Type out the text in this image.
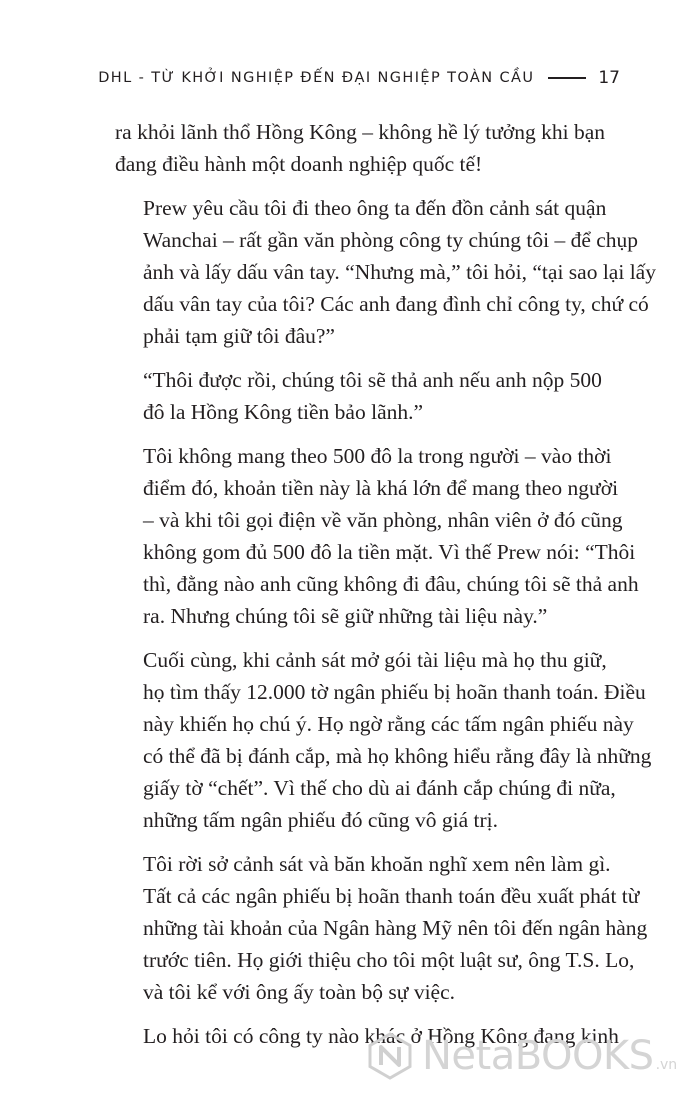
DHL - TỪ KHỞI NGHIỆP ĐẾN ĐẠI NGHIỆP TOÀN CẦU	17

ra khỏi lãnh thổ Hồng Kông – không hề lý tưởng khi bạn
đang điều hành một doanh nghiệp quốc tế!

Prew yêu cầu tôi đi theo ông ta đến đồn cảnh sát quận
Wanchai – rất gần văn phòng công ty chúng tôi – để chụp
ảnh và lấy dấu vân tay. “Nhưng mà,” tôi hỏi, “tại sao lại lấy
dấu vân tay của tôi? Các anh đang đình chỉ công ty, chứ có
phải tạm giữ tôi đâu?”

“Thôi được rồi, chúng tôi sẽ thả anh nếu anh nộp 500
đô la Hồng Kông tiền bảo lãnh.”

Tôi không mang theo 500 đô la trong người – vào thời
điểm đó, khoản tiền này là khá lớn để mang theo người
– và khi tôi gọi điện về văn phòng, nhân viên ở đó cũng
không gom đủ 500 đô la tiền mặt. Vì thế Prew nói: “Thôi
thì, đằng nào anh cũng không đi đâu, chúng tôi sẽ thả anh
ra. Nhưng chúng tôi sẽ giữ những tài liệu này.”

Cuối cùng, khi cảnh sát mở gói tài liệu mà họ thu giữ,
họ tìm thấy 12.000 tờ ngân phiếu bị hoãn thanh toán. Điều
này khiến họ chú ý. Họ ngờ rằng các tấm ngân phiếu này
có thể đã bị đánh cắp, mà họ không hiểu rằng đây là những
giấy tờ “chết”. Vì thế cho dù ai đánh cắp chúng đi nữa,
những tấm ngân phiếu đó cũng vô giá trị.

Tôi rời sở cảnh sát và băn khoăn nghĩ xem nên làm gì.
Tất cả các ngân phiếu bị hoãn thanh toán đều xuất phát từ
những tài khoản của Ngân hàng Mỹ nên tôi đến ngân hàng
trước tiên. Họ giới thiệu cho tôi một luật sư, ông T.S. Lo,
và tôi kể với ông ấy toàn bộ sự việc.

Lo hỏi tôi có công ty nào khác ở Hồng Kông đang kinh

NetaBOOKS .vn
